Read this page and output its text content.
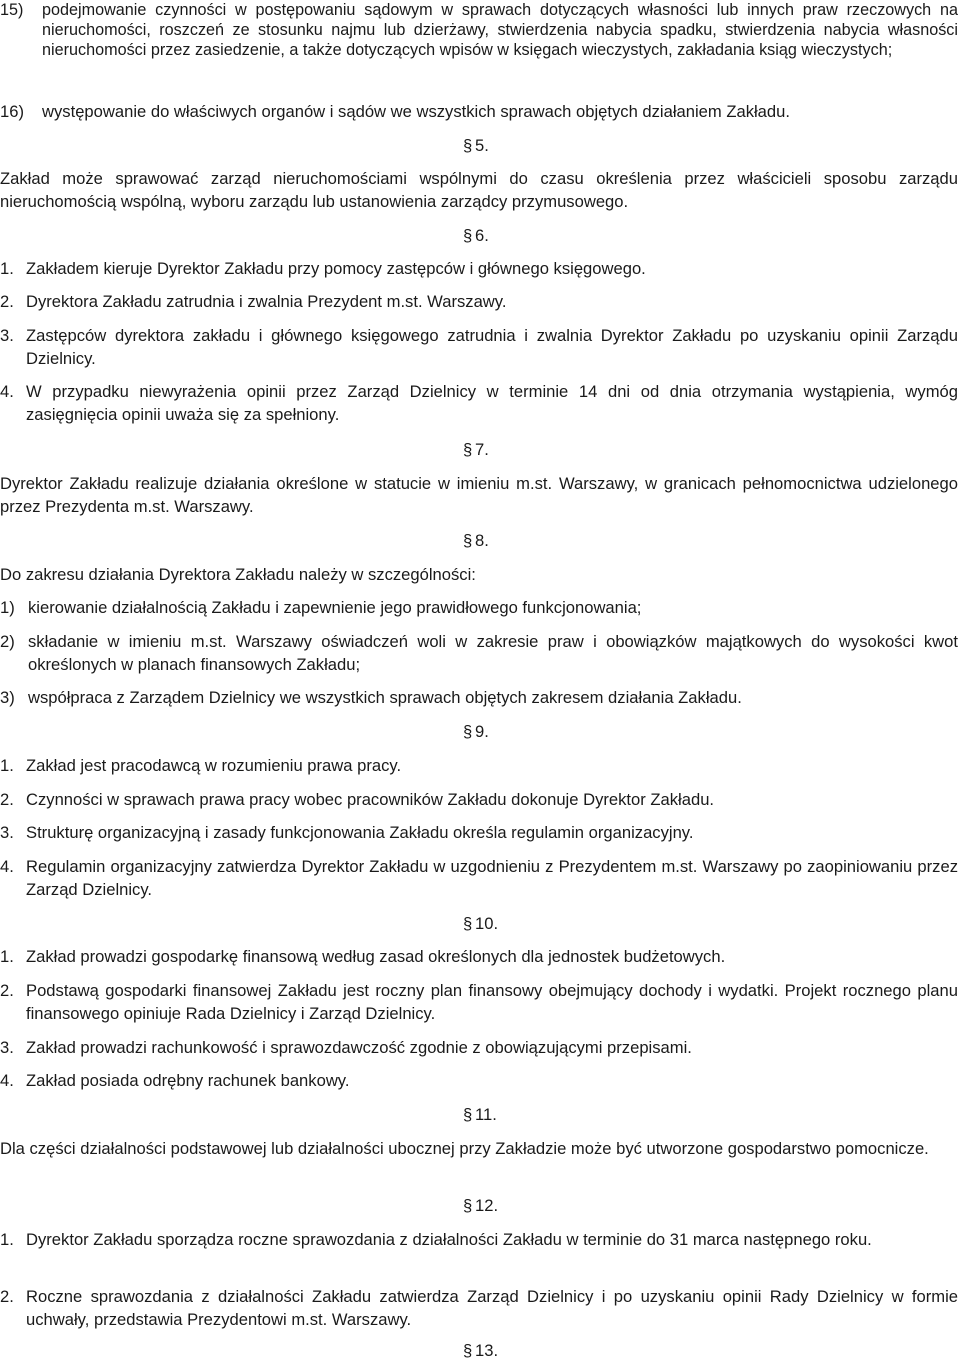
15) podejmowanie czynności w postępowaniu sądowym w sprawach dotyczących własności lub innych praw rzeczowych na nieruchomości, roszczeń ze stosunku najmu lub dzierżawy, stwierdzenia nabycia spadku, stwierdzenia nabycia własności nieruchomości przez zasiedzenie, a także dotyczących wpisów w księgach wieczystych, zakładania ksiąg wieczystych;
16) występowanie do właściwych organów i sądów we wszystkich sprawach objętych działaniem Zakładu.
§ 5.
Zakład może sprawować zarząd nieruchomościami wspólnymi do czasu określenia przez właścicieli sposobu zarządu nieruchomością wspólną, wyboru zarządu lub ustanowienia zarządcy przymusowego.
§ 6.
1. Zakładem kieruje Dyrektor Zakładu przy pomocy zastępców i głównego księgowego.
2. Dyrektora Zakładu zatrudnia i zwalnia Prezydent m.st. Warszawy.
3. Zastępców dyrektora zakładu i głównego księgowego zatrudnia i zwalnia Dyrektor Zakładu po uzyskaniu opinii Zarządu Dzielnicy.
4. W przypadku niewyrażenia opinii przez Zarząd Dzielnicy w terminie 14 dni od dnia otrzymania wystąpienia, wymóg zasięgnięcia opinii uważa się za spełniony.
§ 7.
Dyrektor Zakładu realizuje działania określone w statucie w imieniu m.st. Warszawy, w granicach pełnomocnictwa udzielonego przez Prezydenta m.st. Warszawy.
§ 8.
Do zakresu działania Dyrektora Zakładu należy w szczególności:
1) kierowanie działalnością Zakładu i zapewnienie jego prawidłowego funkcjonowania;
2) składanie w imieniu m.st. Warszawy oświadczeń woli w zakresie praw i obowiązków majątkowych do wysokości kwot określonych w planach finansowych Zakładu;
3) współpraca z Zarządem Dzielnicy we wszystkich sprawach objętych zakresem działania Zakładu.
§ 9.
1. Zakład jest pracodawcą w rozumieniu prawa pracy.
2. Czynności w sprawach prawa pracy wobec pracowników Zakładu dokonuje Dyrektor Zakładu.
3. Strukturę organizacyjną i zasady funkcjonowania Zakładu określa regulamin organizacyjny.
4. Regulamin organizacyjny zatwierdza Dyrektor Zakładu w uzgodnieniu z Prezydentem m.st. Warszawy po zaopiniowaniu przez Zarząd Dzielnicy.
§ 10.
1. Zakład prowadzi gospodarkę finansową według zasad określonych dla jednostek budżetowych.
2. Podstawą gospodarki finansowej Zakładu jest roczny plan finansowy obejmujący dochody i wydatki. Projekt rocznego planu finansowego opiniuje Rada Dzielnicy i Zarząd Dzielnicy.
3. Zakład prowadzi rachunkowość i sprawozdawczość zgodnie z obowiązującymi przepisami.
4. Zakład posiada odrębny rachunek bankowy.
§ 11.
Dla części działalności podstawowej lub działalności ubocznej przy Zakładzie może być utworzone gospodarstwo pomocnicze.
§ 12.
1. Dyrektor Zakładu sporządza roczne sprawozdania z działalności Zakładu w terminie do 31 marca następnego roku.
2. Roczne sprawozdania z działalności Zakładu zatwierdza Zarząd Dzielnicy i po uzyskaniu opinii Rady Dzielnicy w formie uchwały, przedstawia Prezydentowi m.st. Warszawy.
§ 13.
